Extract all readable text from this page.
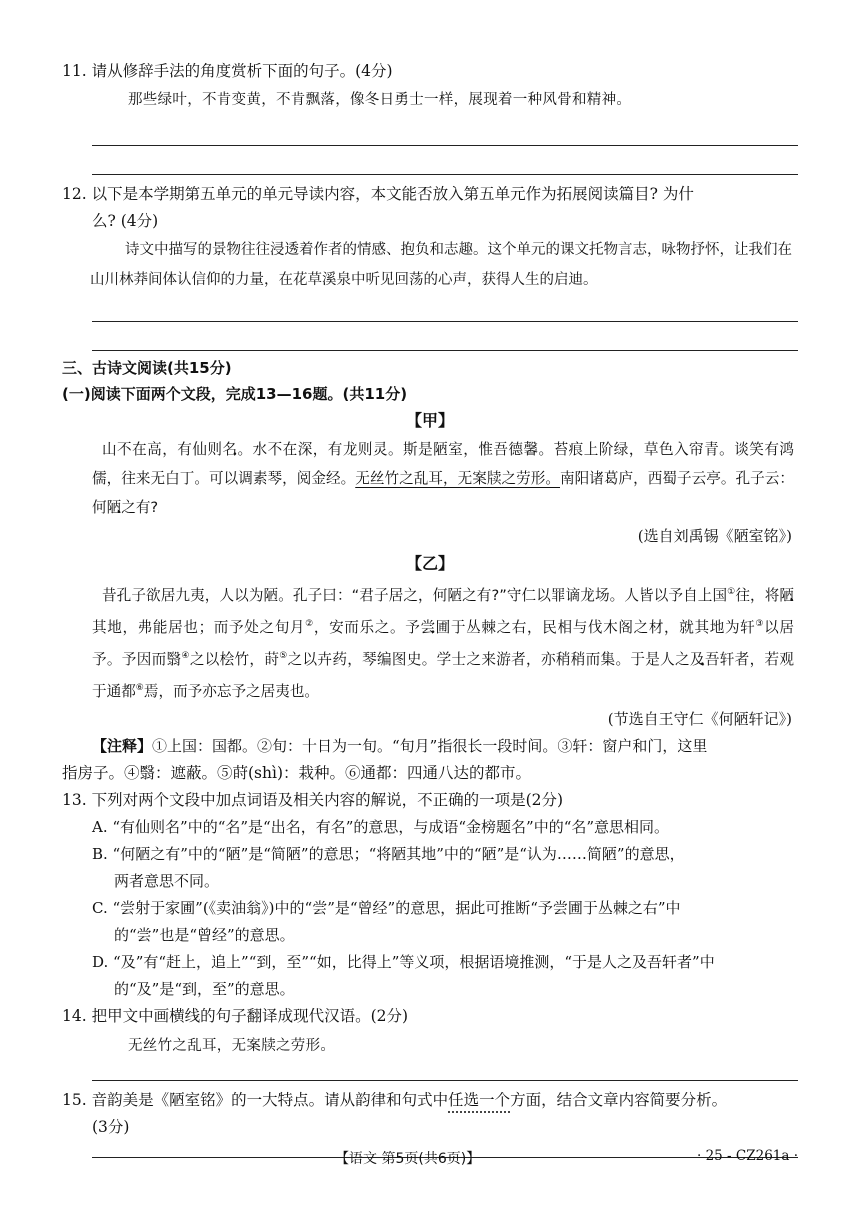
11. 请从修辞手法的角度赏析下面的句子。(4分)
那些绿叶，不肯变黄，不肯飘落，像冬日勇士一样，展现着一种风骨和精神。
12. 以下是本学期第五单元的单元导读内容，本文能否放入第五单元作为拓展阅读篇目? 为什
么? (4分)
诗文中描写的景物往往浸透着作者的情感、抱负和志趣。这个单元的课文托物言志，咏物抒怀，让我们在山川林莽间体认信仰的力量，在花草溪泉中听见回荡的心声，获得人生的启迪。
三、古诗文阅读(共15分)
(一)阅读下面两个文段，完成13—16题。(共11分)
【甲】

山不在高，有仙则名。水不在深，有龙则灵。斯是陋室，惟吾德馨。苔痕上阶绿，草色入帘青。谈笑有鸿儒，往来无白丁。可以调素琴，阅金经。无丝竹之乱耳，无案牍之劳形。南阳诸葛庐，西蜀子云亭。孔子云：何陋之有?

(选自刘禹锡《陋室铭》)
【乙】

昔孔子欲居九夷，人以为陋。孔子曰：“君子居之，何陋之有?”守仁以罪谪龙场。人皆以予自上国①往，将陋其地，弗能居也；而予处之旬月②，安而乐之。予尝圃于丛棘之右，民相与伐木阁之材，就其地为轩③以居予。予因而翳④之以桧竹，莳⑤之以卉药，琴编图史。学士之来游者，亦稍稍而集。于是人之及吾轩者，若观于通都⑥焉，而予亦忘予之居夷也。

(节选自王守仁《何陋轩记》)
【注释】①上国：国都。②旬：十日为一旬。“旬月”指很长一段时间。③轩：窗户和门，这里
指房子。④翳：遮蔽。⑤莳(shì)：栽种。⑥通都：四通八达的都市。
13. 下列对两个文段中加点词语及相关内容的解说，不正确的一项是(2分)
A. “有仙则名”中的“名”是“出名，有名”的意思，与成语“金榜题名”中的“名”意思相同。
B. “何陋之有”中的“陋”是“简陋”的意思；“将陋其地”中的“陋”是“认为……简陋”的意思，
两者意思不同。
C. “尝射于家圃”(《卖油翁》)中的“尝”是“曾经”的意思，据此可推断“予尝圃于丛棘之右”中
的“尝”也是“曾经”的意思。
D. “及”有“赶上，追上”“到，至”“如，比得上”等义项，根据语境推测，“于是人之及吾轩者”中
的“及”是“到，至”的意思。
14. 把甲文中画横线的句子翻译成现代汉语。(2分)
无丝竹之乱耳，无案牍之劳形。
15. 音韵美是《陋室铭》的一大特点。请从韵律和句式中任选一个方面，结合文章内容简要分析。
(3分)
【语文 第5页(共6页)】	· 25 - CZ261a ·
